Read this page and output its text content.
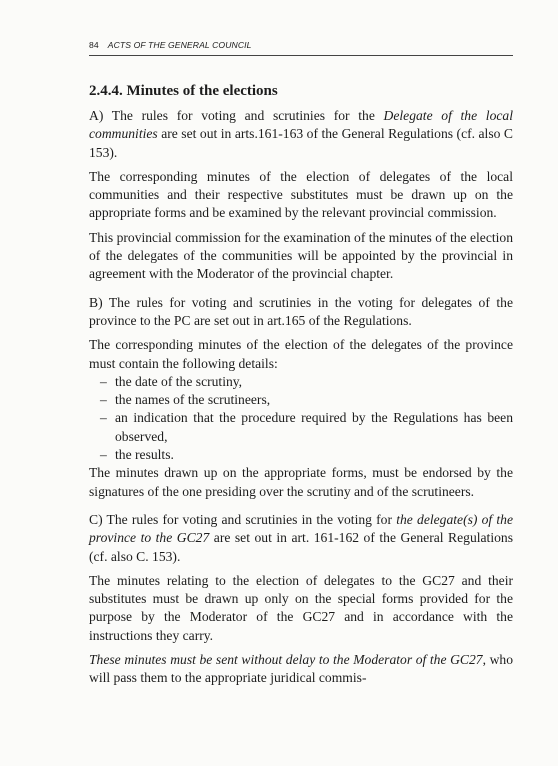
84 ACTS OF THE GENERAL COUNCIL
2.4.4. Minutes of the elections

A) The rules for voting and scrutinies for the Delegate of the local communities are set out in arts.161-163 of the General Regulations (cf. also C 153).

The corresponding minutes of the election of delegates of the local communities and their respective substitutes must be drawn up on the appropriate forms and be examined by the relevant provincial commission.

This provincial commission for the examination of the minutes of the election of the delegates of the communities will be appointed by the provincial in agreement with the Moderator of the provincial chapter.

B) The rules for voting and scrutinies in the voting for delegates of the province to the PC are set out in art.165 of the Regulations.

The corresponding minutes of the election of the delegates of the province must contain the following details:

– the date of the scrutiny,
– the names of the scrutineers,
– an indication that the procedure required by the Regulations has been observed,
– the results.

The minutes drawn up on the appropriate forms, must be endorsed by the signatures of the one presiding over the scrutiny and of the scrutineers.

C) The rules for voting and scrutinies in the voting for the delegate(s) of the province to the GC27 are set out in art. 161-162 of the General Regulations (cf. also C. 153).

The minutes relating to the election of delegates to the GC27 and their substitutes must be drawn up only on the special forms provided for the purpose by the Moderator of the GC27 and in accordance with the instructions they carry.

These minutes must be sent without delay to the Moderator of the GC27, who will pass them to the appropriate juridical commis-
